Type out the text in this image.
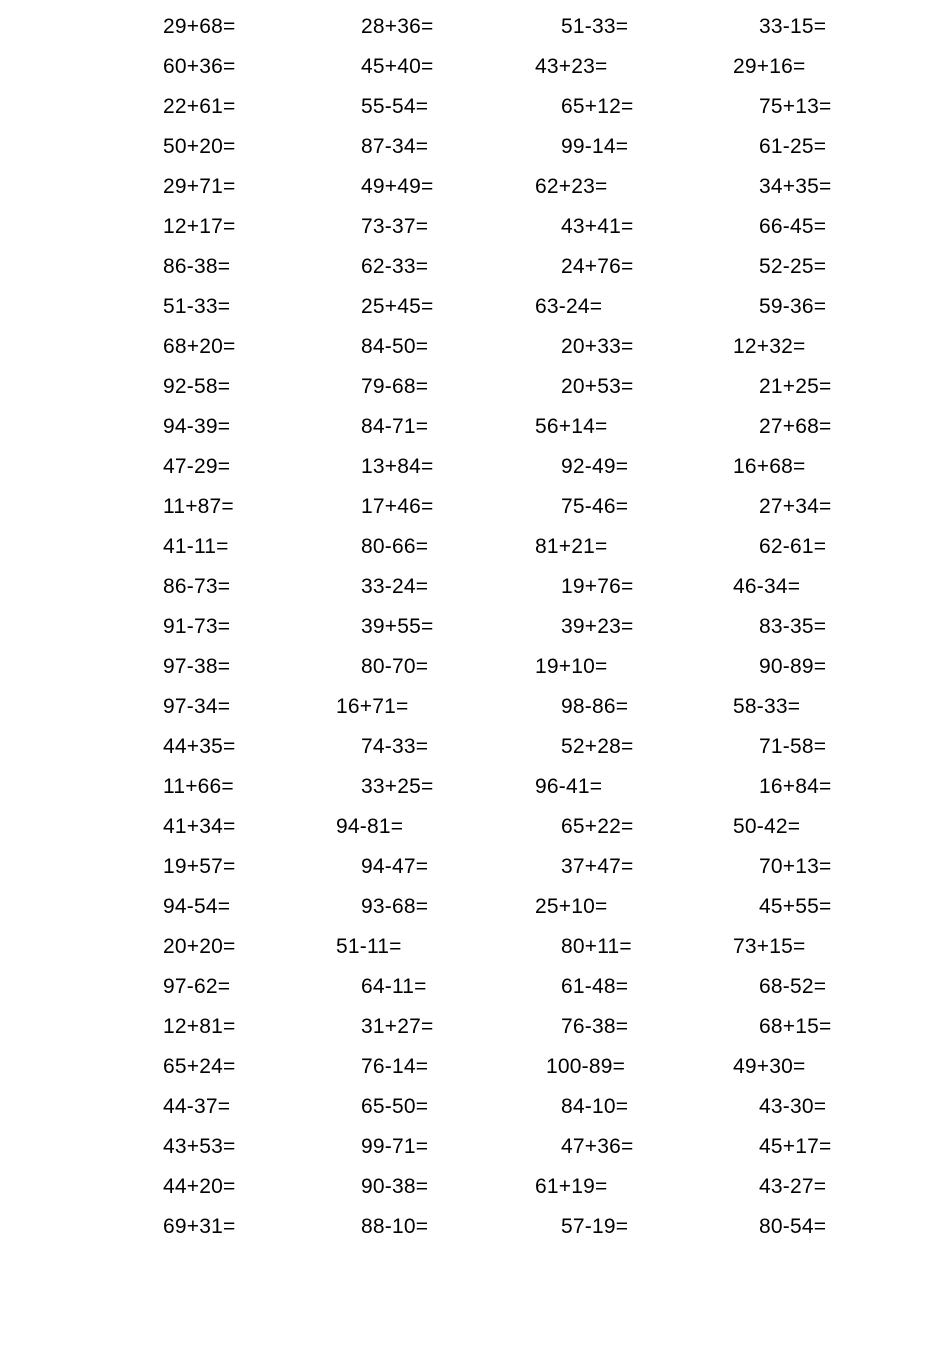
29+68=	28+36=	51-33=	33-15=
60+36=	45+40=	43+23=	29+16=
22+61=	55-54=	65+12=	75+13=
50+20=	87-34=	99-14=	61-25=
29+71=	49+49=	62+23=	34+35=
12+17=	73-37=	43+41=	66-45=
86-38=	62-33=	24+76=	52-25=
51-33=	25+45=	63-24=	59-36=
68+20=	84-50=	20+33=	12+32=
92-58=	79-68=	20+53=	21+25=
94-39=	84-71=	56+14=	27+68=
47-29=	13+84=	92-49=	16+68=
11+87=	17+46=	75-46=	27+34=
41-11=	80-66=	81+21=	62-61=
86-73=	33-24=	19+76=	46-34=
91-73=	39+55=	39+23=	83-35=
97-38=	80-70=	19+10=	90-89=
97-34=	16+71=	98-86=	58-33=
44+35=	74-33=	52+28=	71-58=
11+66=	33+25=	96-41=	16+84=
41+34=	94-81=	65+22=	50-42=
19+57=	94-47=	37+47=	70+13=
94-54=	93-68=	25+10=	45+55=
20+20=	51-11=	80+11=	73+15=
97-62=	64-11=	61-48=	68-52=
12+81=	31+27=	76-38=	68+15=
65+24=	76-14=	100-89=	49+30=
44-37=	65-50=	84-10=	43-30=
43+53=	99-71=	47+36=	45+17=
44+20=	90-38=	61+19=	43-27=
69+31=	88-10=	57-19=	80-54=
